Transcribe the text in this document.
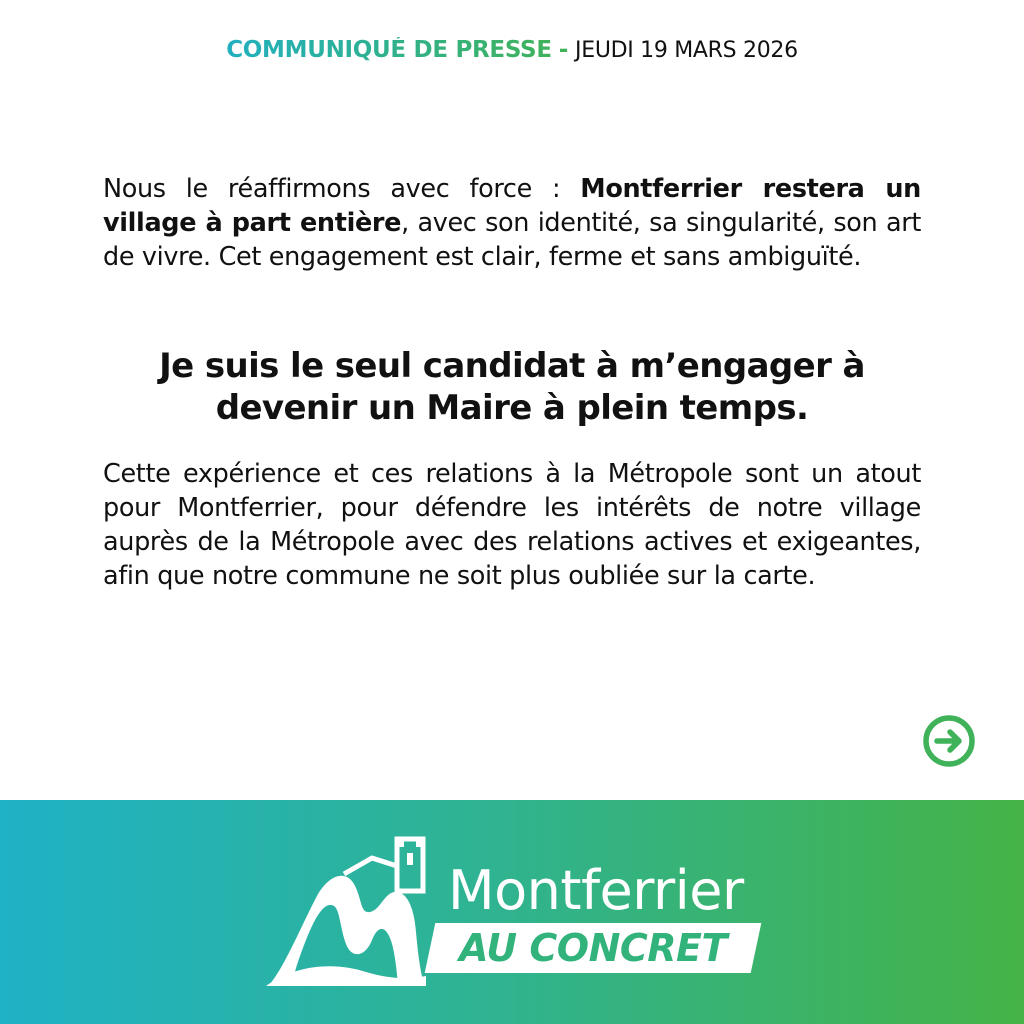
COMMUNIQUÉ DE PRESSE - JEUDI 19 MARS 2026

Nous le réaffirmons avec force : Montferrier restera un village à part entière, avec son identité, sa singularité, son art de vivre. Cet engagement est clair, ferme et sans ambiguïté.

Je suis le seul candidat à m’engager à
devenir un Maire à plein temps.

Cette expérience et ces relations à la Métropole sont un atout pour Montferrier, pour défendre les intérêts de notre village auprès de la Métropole avec des relations actives et exigeantes, afin que notre commune ne soit plus oubliée sur la carte.

Montferrier
AU CONCRET
